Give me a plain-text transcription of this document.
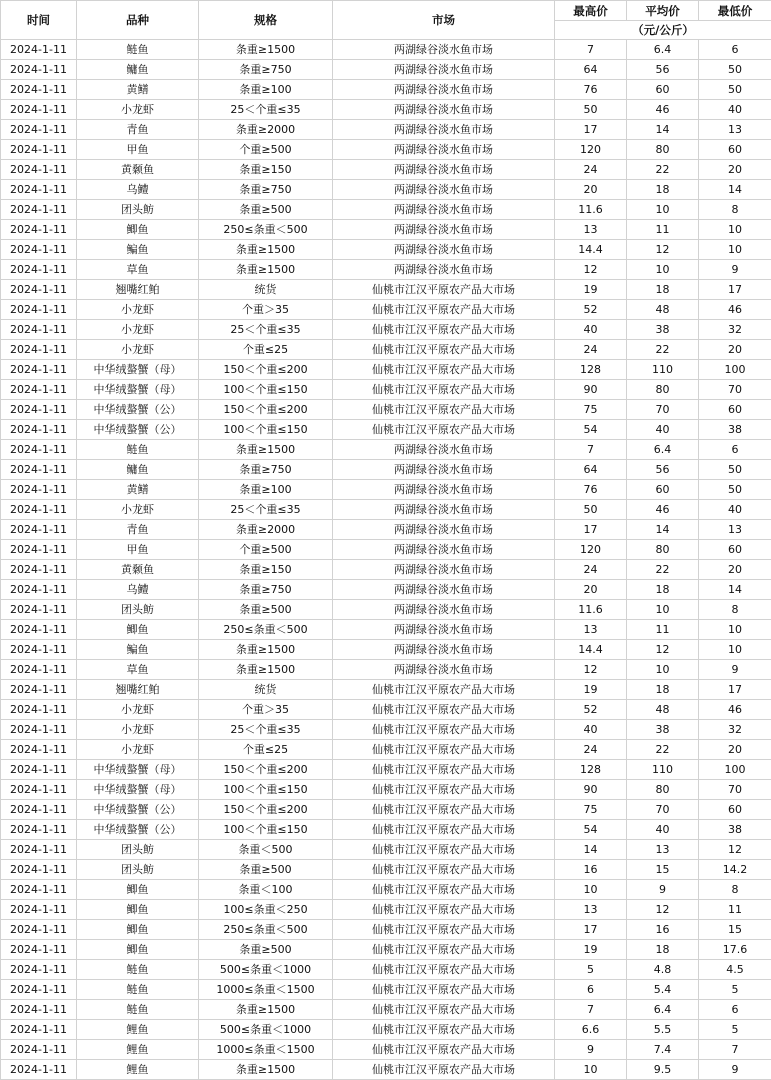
时间	品种	规格	市场	最高价	平均价	最低价
				（元/公斤）		
2024-1-11	鲢鱼	条重≥1500	两湖绿谷淡水鱼市场	7	6.4	6
2024-1-11	鳙鱼	条重≥750	两湖绿谷淡水鱼市场	64	56	50
2024-1-11	黄鳝	条重≥100	两湖绿谷淡水鱼市场	76	60	50
2024-1-11	小龙虾	25＜个重≤35	两湖绿谷淡水鱼市场	50	46	40
2024-1-11	青鱼	条重≥2000	两湖绿谷淡水鱼市场	17	14	13
2024-1-11	甲鱼	个重≥500	两湖绿谷淡水鱼市场	120	80	60
2024-1-11	黄颡鱼	条重≥150	两湖绿谷淡水鱼市场	24	22	20
2024-1-11	乌鳢	条重≥750	两湖绿谷淡水鱼市场	20	18	14
2024-1-11	团头鲂	条重≥500	两湖绿谷淡水鱼市场	11.6	10	8
2024-1-11	鲫鱼	250≤条重＜500	两湖绿谷淡水鱼市场	13	11	10
2024-1-11	鳊鱼	条重≥1500	两湖绿谷淡水鱼市场	14.4	12	10
2024-1-11	草鱼	条重≥1500	两湖绿谷淡水鱼市场	12	10	9
2024-1-11	翘嘴红鲌	统货	仙桃市江汉平原农产品大市场	19	18	17
2024-1-11	小龙虾	个重＞35	仙桃市江汉平原农产品大市场	52	48	46
2024-1-11	小龙虾	25＜个重≤35	仙桃市江汉平原农产品大市场	40	38	32
2024-1-11	小龙虾	个重≤25	仙桃市江汉平原农产品大市场	24	22	20
2024-1-11	中华绒螯蟹（母）	150＜个重≤200	仙桃市江汉平原农产品大市场	128	110	100
2024-1-11	中华绒螯蟹（母）	100＜个重≤150	仙桃市江汉平原农产品大市场	90	80	70
2024-1-11	中华绒螯蟹（公）	150＜个重≤200	仙桃市江汉平原农产品大市场	75	70	60
2024-1-11	中华绒螯蟹（公）	100＜个重≤150	仙桃市江汉平原农产品大市场	54	40	38
2024-1-11	鲢鱼	条重≥1500	两湖绿谷淡水鱼市场	7	6.4	6
2024-1-11	鳙鱼	条重≥750	两湖绿谷淡水鱼市场	64	56	50
2024-1-11	黄鳝	条重≥100	两湖绿谷淡水鱼市场	76	60	50
2024-1-11	小龙虾	25＜个重≤35	两湖绿谷淡水鱼市场	50	46	40
2024-1-11	青鱼	条重≥2000	两湖绿谷淡水鱼市场	17	14	13
2024-1-11	甲鱼	个重≥500	两湖绿谷淡水鱼市场	120	80	60
2024-1-11	黄颡鱼	条重≥150	两湖绿谷淡水鱼市场	24	22	20
2024-1-11	乌鳢	条重≥750	两湖绿谷淡水鱼市场	20	18	14
2024-1-11	团头鲂	条重≥500	两湖绿谷淡水鱼市场	11.6	10	8
2024-1-11	鲫鱼	250≤条重＜500	两湖绿谷淡水鱼市场	13	11	10
2024-1-11	鳊鱼	条重≥1500	两湖绿谷淡水鱼市场	14.4	12	10
2024-1-11	草鱼	条重≥1500	两湖绿谷淡水鱼市场	12	10	9
2024-1-11	翘嘴红鲌	统货	仙桃市江汉平原农产品大市场	19	18	17
2024-1-11	小龙虾	个重＞35	仙桃市江汉平原农产品大市场	52	48	46
2024-1-11	小龙虾	25＜个重≤35	仙桃市江汉平原农产品大市场	40	38	32
2024-1-11	小龙虾	个重≤25	仙桃市江汉平原农产品大市场	24	22	20
2024-1-11	中华绒螯蟹（母）	150＜个重≤200	仙桃市江汉平原农产品大市场	128	110	100
2024-1-11	中华绒螯蟹（母）	100＜个重≤150	仙桃市江汉平原农产品大市场	90	80	70
2024-1-11	中华绒螯蟹（公）	150＜个重≤200	仙桃市江汉平原农产品大市场	75	70	60
2024-1-11	中华绒螯蟹（公）	100＜个重≤150	仙桃市江汉平原农产品大市场	54	40	38
2024-1-11	团头鲂	条重＜500	仙桃市江汉平原农产品大市场	14	13	12
2024-1-11	团头鲂	条重≥500	仙桃市江汉平原农产品大市场	16	15	14.2
2024-1-11	鲫鱼	条重＜100	仙桃市江汉平原农产品大市场	10	9	8
2024-1-11	鲫鱼	100≤条重＜250	仙桃市江汉平原农产品大市场	13	12	11
2024-1-11	鲫鱼	250≤条重＜500	仙桃市江汉平原农产品大市场	17	16	15
2024-1-11	鲫鱼	条重≥500	仙桃市江汉平原农产品大市场	19	18	17.6
2024-1-11	鲢鱼	500≤条重＜1000	仙桃市江汉平原农产品大市场	5	4.8	4.5
2024-1-11	鲢鱼	1000≤条重＜1500	仙桃市江汉平原农产品大市场	6	5.4	5
2024-1-11	鲢鱼	条重≥1500	仙桃市江汉平原农产品大市场	7	6.4	6
2024-1-11	鲤鱼	500≤条重＜1000	仙桃市江汉平原农产品大市场	6.6	5.5	5
2024-1-11	鲤鱼	1000≤条重＜1500	仙桃市江汉平原农产品大市场	9	7.4	7
2024-1-11	鲤鱼	条重≥1500	仙桃市江汉平原农产品大市场	10	9.5	9
